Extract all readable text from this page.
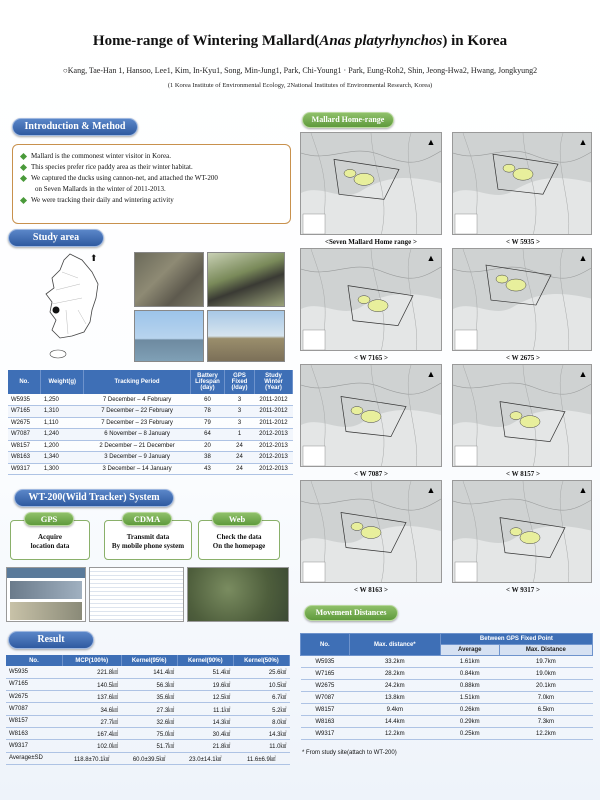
Home-range of Wintering Mallard(Anas platyrhynchos) in Korea
○Kang, Tae-Han 1, Hansoo, Lee1, Kim, In-Kyu1, Song, Min-Jung1, Park, Chi-Young1 · Park, Eung-Roh2, Shin, Jeong-Hwa2, Hwang, Jongkyung2
(1 Korea Institute of Environmental Ecology, 2National Institutes of Environmental Research, Korea)
Introduction & Method
Mallard is the commonest winter visitor in Korea.
This species prefer rice paddy area as their winter habitat.
We captured the ducks using cannon-net, and attached the WT-200
on Seven Mallards in the winter of 2011-2013.
We were tracking their daily and wintering activity
Study area
⬆
No.	Weight(g)	Tracking Period	Battery Lifespan (day)	GPS Fixed (/day)	Study Winter (Year)
W5935	1,250	7 December – 4 February	60	3	2011-2012
W7165	1,310	7 December – 22 February	78	3	2011-2012
W2675	1,110	7 December – 23 February	79	3	2011-2012
W7087	1,240	6 November – 8 January	64	1	2012-2013
W8157	1,200	2 December – 21 December	20	24	2012-2013
W8163	1,340	3 December – 9 January	38	24	2012-2013
W9317	1,300	3 December – 14 January	43	24	2012-2013
WT-200(Wild Tracker) System
Acquire
location data
GPS
Transmit data
By mobile phone system
CDMA
Check the data
On the homepage
Web
Result
No.	MCP(100%)	Kernel(95%)	Kernel(90%)	Kernel(50%)
W5935	221.8㎢	141.4㎢	51.4㎢	25.6㎢
W7165	140.5㎢	56.3㎢	19.6㎢	10.5㎢
W2675	137.6㎢	35.6㎢	12.5㎢	6.7㎢
W7087	34.6㎢	27.3㎢	11.1㎢	5.2㎢
W8157	27.7㎢	32.6㎢	14.3㎢	8.0㎢
W8163	167.4㎢	75.0㎢	30.4㎢	14.3㎢
W9317	102.0㎢	51.7㎢	21.8㎢	11.0㎢
Average±SD	118.8±70.1㎢	60.0±39.5㎢	23.0±14.1㎢	11.6±6.9㎢
Mallard Home-range
▲
<Seven Mallard Home range >
▲
< W 5935 >
▲
< W 7165 >
▲
< W 2675 >
▲
< W 7087 >
▲
< W 8157 >
▲
< W 8163 >
▲
< W 9317 >
Movement Distances
No.	Max. distance*	Between GPS Fixed Point	
		Average	Max. Distance
W5935	33.2km	1.61km	19.7km
W7165	28.2km	0.84km	19.0km
W2675	24.2km	0.88km	20.1km
W7087	13.8km	1.51km	7.0km
W8157	9.4km	0.26km	6.5km
W8163	14.4km	0.29km	7.3km
W9317	12.2km	0.25km	12.2km
* From study site(attach to WT-200)
